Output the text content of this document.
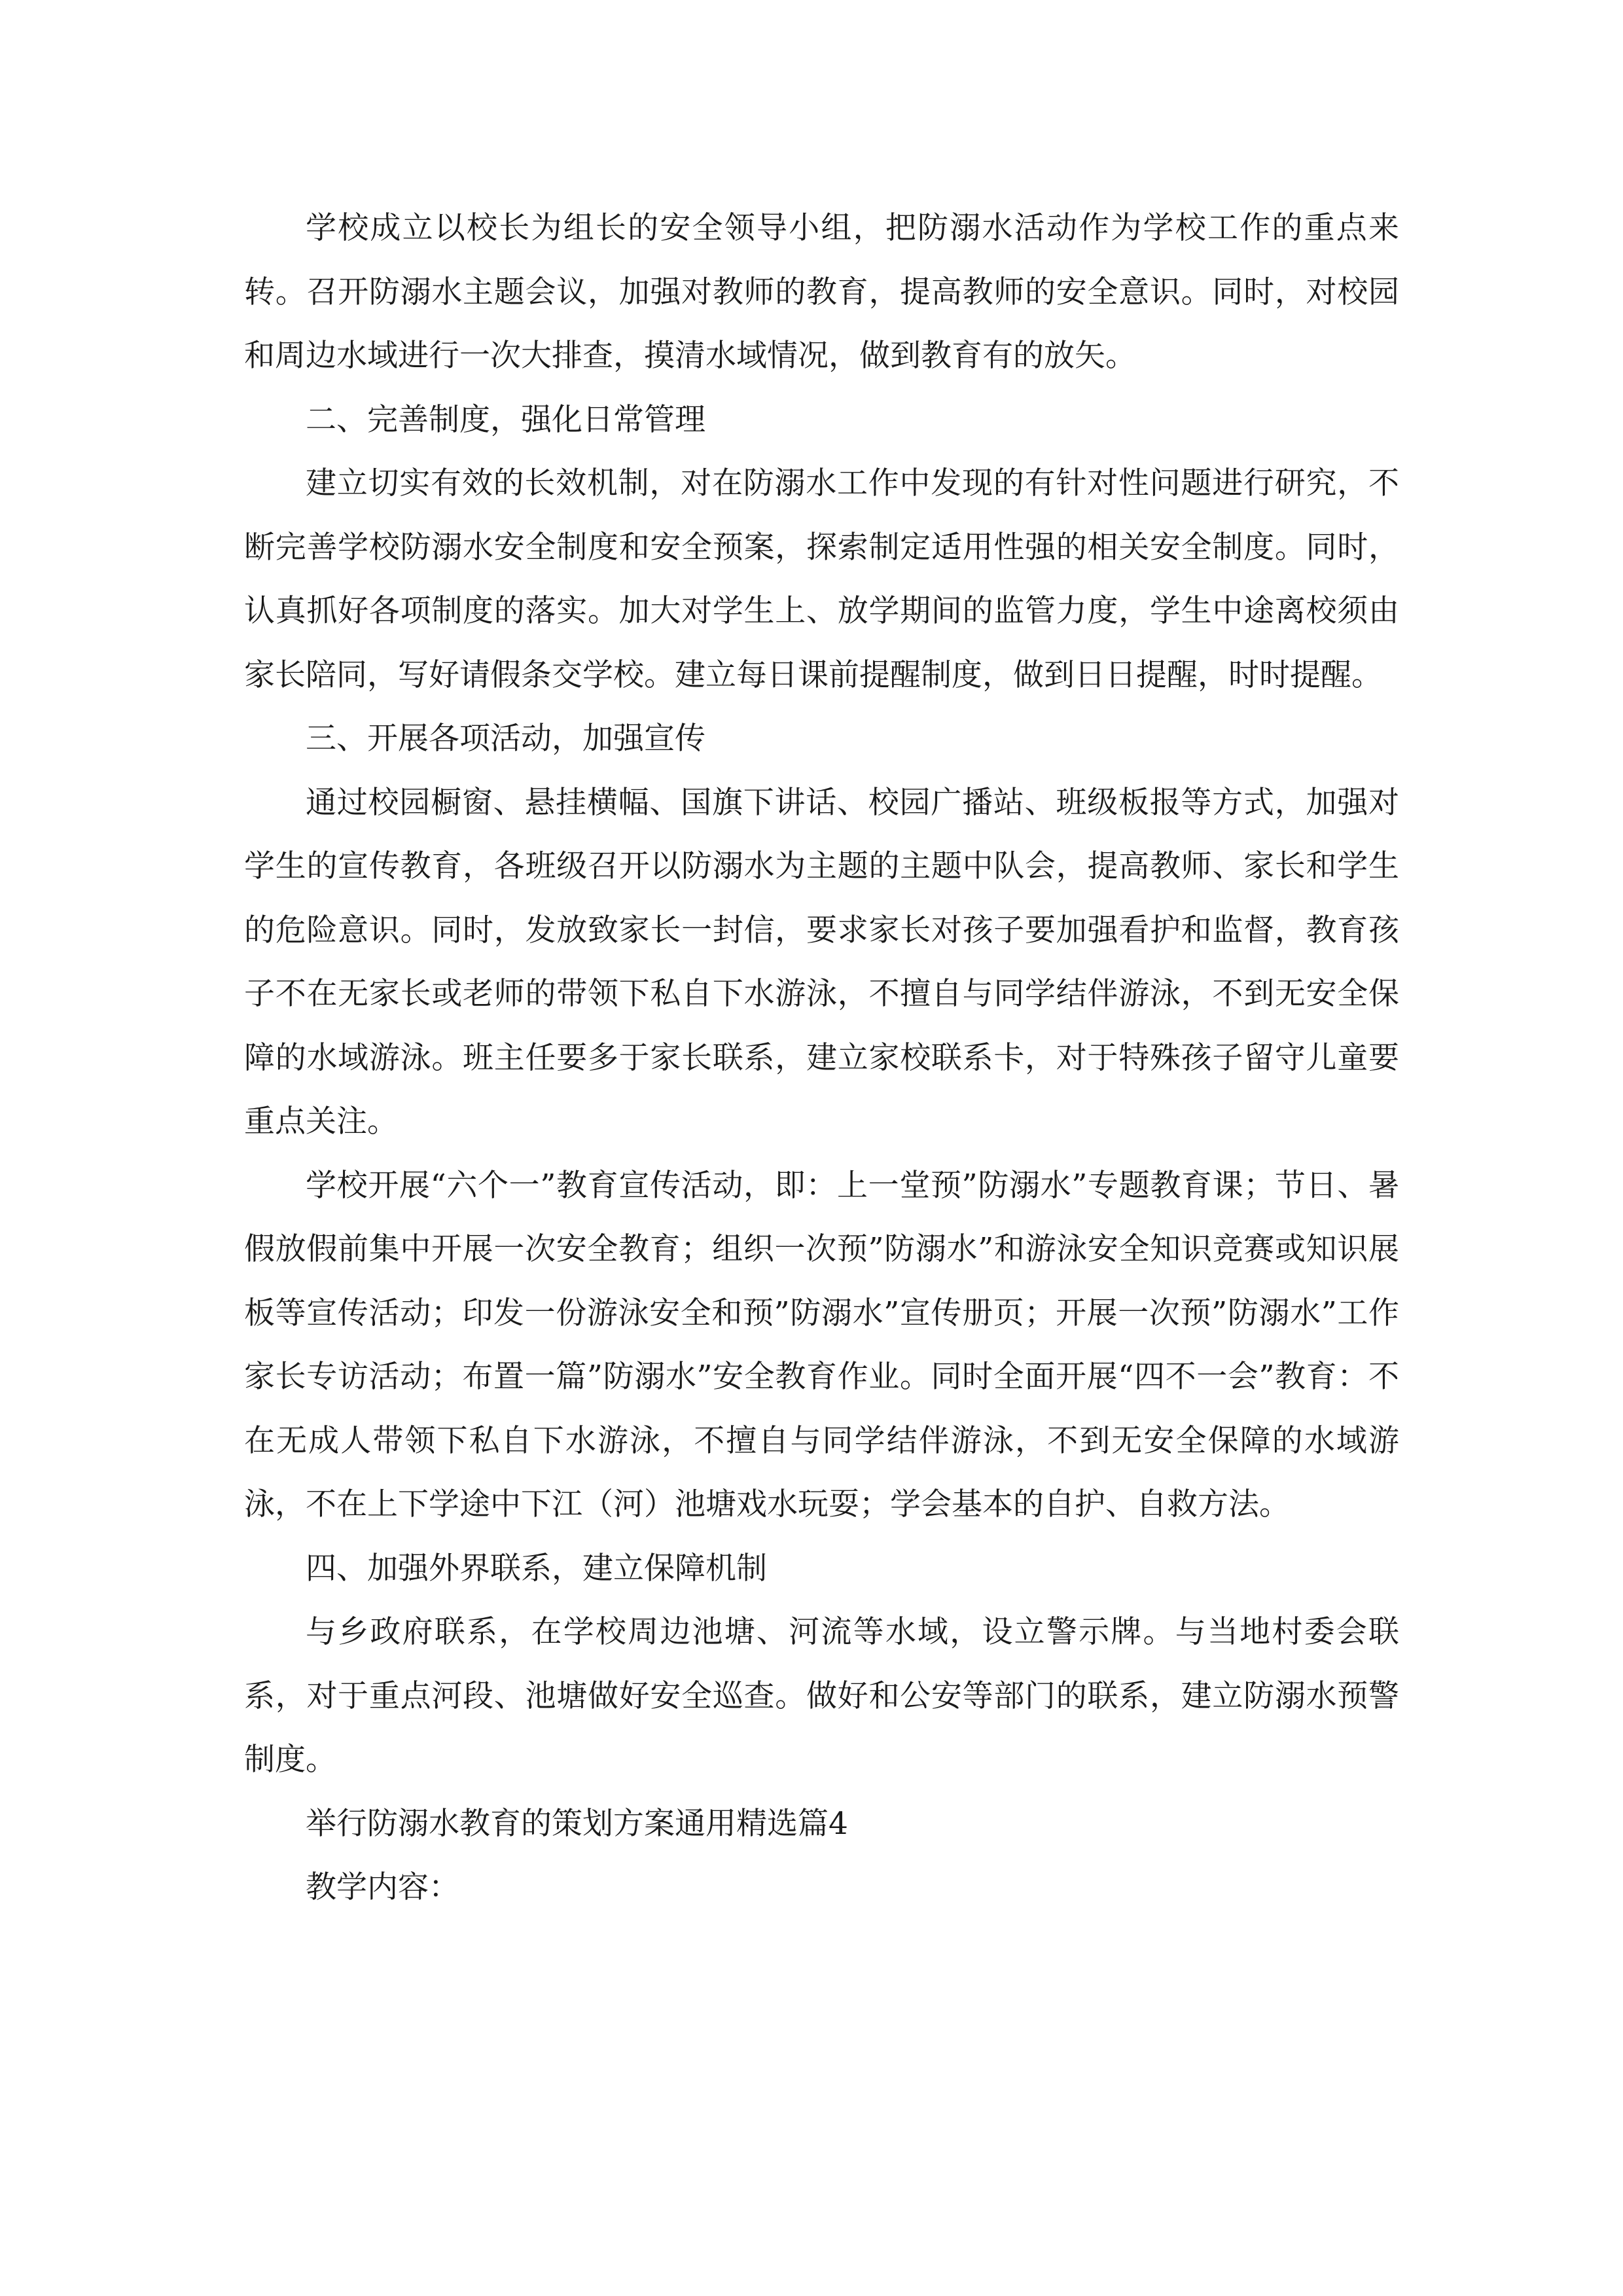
学校成立以校长为组长的安全领导小组，把防溺水活动作为学校工作的重点来转。召开防溺水主题会议，加强对教师的教育，提高教师的安全意识。同时，对校园和周边水域进行一次大排查，摸清水域情况，做到教育有的放矢。

二、完善制度，强化日常管理

建立切实有效的长效机制，对在防溺水工作中发现的有针对性问题进行研究，不断完善学校防溺水安全制度和安全预案，探索制定适用性强的相关安全制度。同时，认真抓好各项制度的落实。加大对学生上、放学期间的监管力度，学生中途离校须由家长陪同，写好请假条交学校。建立每日课前提醒制度，做到日日提醒，时时提醒。

三、开展各项活动，加强宣传

通过校园橱窗、悬挂横幅、国旗下讲话、校园广播站、班级板报等方式，加强对学生的宣传教育，各班级召开以防溺水为主题的主题中队会，提高教师、家长和学生的危险意识。同时，发放致家长一封信，要求家长对孩子要加强看护和监督，教育孩子不在无家长或老师的带领下私自下水游泳，不擅自与同学结伴游泳，不到无安全保障的水域游泳。班主任要多于家长联系，建立家校联系卡，对于特殊孩子留守儿童要重点关注。

学校开展“六个一”教育宣传活动，即：上一堂预”防溺水”专题教育课；节日、暑假放假前集中开展一次安全教育；组织一次预”防溺水”和游泳安全知识竞赛或知识展板等宣传活动；印发一份游泳安全和预”防溺水”宣传册页；开展一次预”防溺水”工作家长专访活动；布置一篇”防溺水”安全教育作业。同时全面开展“四不一会”教育：不在无成人带领下私自下水游泳，不擅自与同学结伴游泳，不到无安全保障的水域游泳，不在上下学途中下江（河）池塘戏水玩耍；学会基本的自护、自救方法。

四、加强外界联系，建立保障机制

与乡政府联系，在学校周边池塘、河流等水域，设立警示牌。与当地村委会联系，对于重点河段、池塘做好安全巡查。做好和公安等部门的联系，建立防溺水预警制度。

举行防溺水教育的策划方案通用精选篇4

教学内容：
